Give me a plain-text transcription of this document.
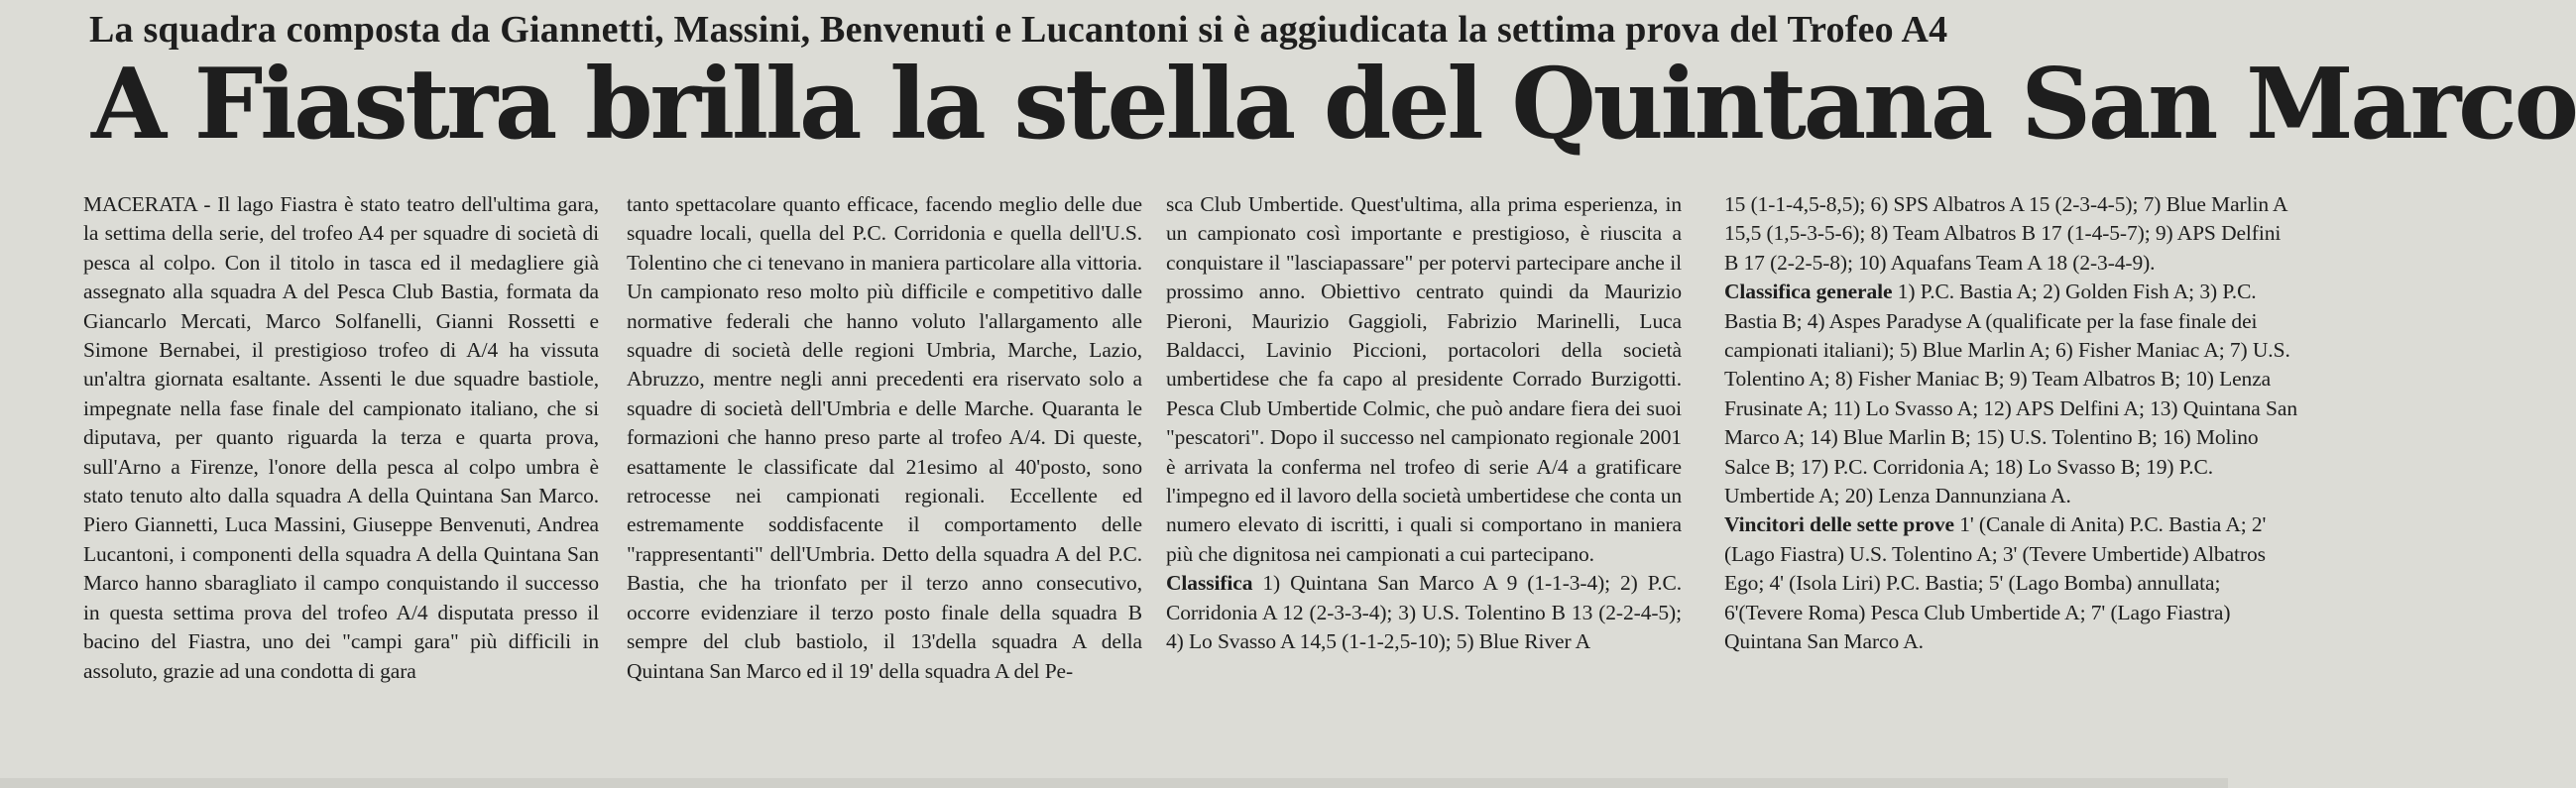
La squadra composta da Giannetti, Massini, Benvenuti e Lucantoni si è aggiudicata la settima prova del Trofeo A4
A Fiastra brilla la stella del Quintana San Marco

MACERATA - Il lago Fiastra è stato teatro dell'ultima gara, la settima della serie, del trofeo A4 per squadre di società di pesca al colpo. Con il titolo in tasca ed il medagliere già assegnato alla squadra A del Pesca Club Bastia, formata da Giancarlo Mercati, Marco Solfanelli, Gianni Rossetti e Simone Bernabei, il prestigioso trofeo di A/4 ha vissuta un'altra giornata esaltante. Assenti le due squadre bastiole, impegnate nella fase finale del campionato italiano, che si diputava, per quanto riguarda la terza e quarta prova, sull'Arno a Firenze, l'onore della pesca al colpo umbra è stato tenuto alto dalla squadra A della Quintana San Marco. Piero Giannetti, Luca Massini, Giuseppe Benvenuti, Andrea Lucantoni, i componenti della squadra A della Quintana San Marco hanno sbaragliato il campo conquistando il successo in questa settima prova del trofeo A/4 disputata presso il bacino del Fiastra, uno dei "campi gara" più difficili in assoluto, grazie ad una condotta di gara

tanto spettacolare quanto efficace, facendo meglio delle due squadre locali, quella del P.C. Corridonia e quella dell'U.S. Tolentino che ci tenevano in maniera particolare alla vittoria. Un campionato reso molto più difficile e competitivo dalle normative federali che hanno voluto l'allargamento alle squadre di società delle regioni Umbria, Marche, Lazio, Abruzzo, mentre negli anni precedenti era riservato solo a squadre di società dell'Umbria e delle Marche. Quaranta le formazioni che hanno preso parte al trofeo A/4. Di queste, esattamente le classificate dal 21esimo al 40'posto, sono retrocesse nei campionati regionali. Eccellente ed estremamente soddisfacente il comportamento delle "rappresentanti" dell'Umbria. Detto della squadra A del P.C. Bastia, che ha trionfato per il terzo anno consecutivo, occorre evidenziare il terzo posto finale della squadra B sempre del club bastiolo, il 13'della squadra A della Quintana San Marco ed il 19' della squadra A del Pe-

sca Club Umbertide. Quest'ultima, alla prima esperienza, in un campionato così importante e prestigioso, è riuscita a conquistare il "lasciapassare" per potervi partecipare anche il prossimo anno. Obiettivo centrato quindi da Maurizio Pieroni, Maurizio Gaggioli, Fabrizio Marinelli, Luca Baldacci, Lavinio Piccioni, portacolori della società umbertidese che fa capo al presidente Corrado Burzigotti. Pesca Club Umbertide Colmic, che può andare fiera dei suoi "pescatori". Dopo il successo nel campionato regionale 2001 è arrivata la conferma nel trofeo di serie A/4 a gratificare l'impegno ed il lavoro della società umbertidese che conta un numero elevato di iscritti, i quali si comportano in maniera più che dignitosa nei campionati a cui partecipano.

Classifica 1) Quintana San Marco A 9 (1-1-3-4); 2) P.C. Corridonia A 12 (2-3-3-4); 3) U.S. Tolentino B 13 (2-2-4-5); 4) Lo Svasso A 14,5 (1-1-2,5-10); 5) Blue River A

15 (1-1-4,5-8,5); 6) SPS Albatros A 15 (2-3-4-5); 7) Blue Marlin A 15,5 (1,5-3-5-6); 8) Team Albatros B 17 (1-4-5-7); 9) APS Delfini B 17 (2-2-5-8); 10) Aquafans Team A 18 (2-3-4-9).

Classifica generale 1) P.C. Bastia A; 2) Golden Fish A; 3) P.C. Bastia B; 4) Aspes Paradyse A (qualificate per la fase finale dei campionati italiani); 5) Blue Marlin A; 6) Fisher Maniac A; 7) U.S. Tolentino A; 8) Fisher Maniac B; 9) Team Albatros B; 10) Lenza Frusinate A; 11) Lo Svasso A; 12) APS Delfini A; 13) Quintana San Marco A; 14) Blue Marlin B; 15) U.S. Tolentino B; 16) Molino Salce B; 17) P.C. Corridonia A; 18) Lo Svasso B; 19) P.C. Umbertide A; 20) Lenza Dannunziana A.

Vincitori delle sette prove 1' (Canale di Anita) P.C. Bastia A; 2' (Lago Fiastra) U.S. Tolentino A; 3' (Tevere Umbertide) Albatros Ego; 4' (Isola Liri) P.C. Bastia; 5' (Lago Bomba) annullata; 6'(Tevere Roma) Pesca Club Umbertide A; 7' (Lago Fiastra) Quintana San Marco A.
